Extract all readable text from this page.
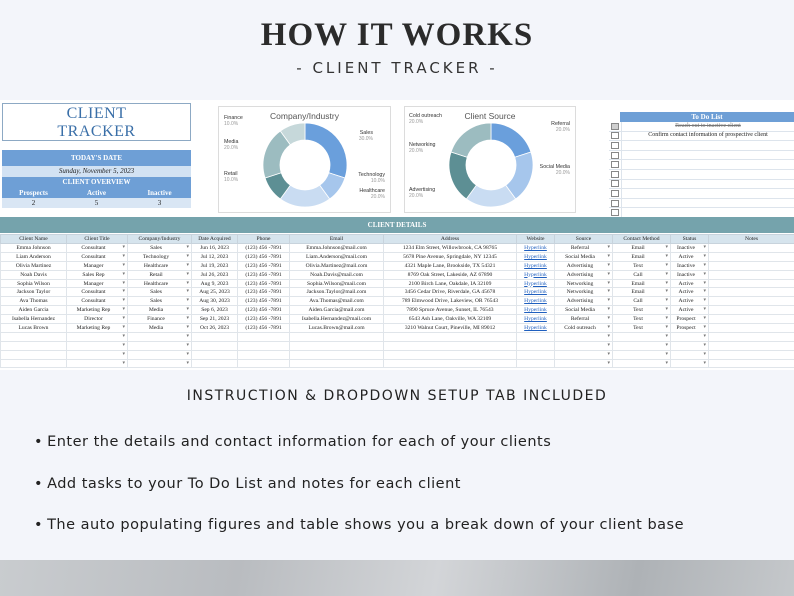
HOW IT WORKS
- CLIENT TRACKER -
CLIENT
TRACKER
TODAY'S DATE
Sunday, November 5, 2023
CLIENT OVERVIEW
Prospects	Active	Inactive
2	5	3
Company/Industry
Sales
30.0%
Technology
10.0%
Healthcare
20.0%
Retail
10.0%
Media
20.0%
Finance
10.0%
Client Source
Referral
20.0%
Social Media
20.0%
Advertising
20.0%
Networking
20.0%
Cold outreach
20.0%
To Do List
Reach out to inactive client
Confirm contact information of prospective client
CLIENT DETAILS
Client Name	Client Title	Company/Industry	Date Acquired	Phone	Email	Address	Website	Source	Contact Method	Status	Notes
Emma Johnson	Consultant ▾	Sales ▾	Jun 16, 2023	(123) 456 -7891	Emma.Johnson@mail.com	1234 Elm Street, Willowbrook, CA 98765	Hyperlink	Referral ▾	Email ▾	Inactive ▾	
Liam Anderson	Consultant ▾	Technology ▾	Jul 12, 2023	(123) 456 -7891	Liam.Anderson@mail.com	5678 Pine Avenue, Springdale, NY 12345	Hyperlink	Social Media ▾	Email ▾	Active ▾	
Olivia Martinez	Manager ▾	Healthcare ▾	Jul 19, 2023	(123) 456 -7891	Olivia.Martinez@mail.com	4321 Maple Lane, Brookside, TX 54321	Hyperlink	Advertising ▾	Text ▾	Inactive ▾	
Noah Davis	Sales Rep ▾	Retail ▾	Jul 26, 2023	(123) 456 -7891	Noah.Davis@mail.com	8769 Oak Street, Lakeside, AZ 67890	Hyperlink	Advertising ▾	Call ▾	Inactive ▾	
Sophia Wilson	Manager ▾	Healthcare ▾	Aug 9, 2023	(123) 456 -7891	Sophia.Wilson@mail.com	2100 Birch Lane, Oakdale, IA 32109	Hyperlink	Networking ▾	Email ▾	Active ▾	
Jackson Taylor	Consultant ▾	Sales ▾	Aug 25, 2023	(123) 456 -7891	Jackson.Taylor@mail.com	3456 Cedar Drive, Riverdale, GA 45678	Hyperlink	Networking ▾	Email ▾	Active ▾	
Ava Thomas	Consultant ▾	Sales ▾	Aug 30, 2023	(123) 456 -7891	Ava.Thomas@mail.com	789 Elmwood Drive, Lakeview, OR 76543	Hyperlink	Advertising ▾	Call ▾	Active ▾	
Aiden Garcia	Marketing Rep ▾	Media ▾	Sep 6, 2023	(123) 456 -7891	Aiden.Garcia@mail.com	7890 Spruce Avenue, Sunset, IL 76543	Hyperlink	Social Media ▾	Text ▾	Active ▾	
Isabella Hernandez	Director ▾	Finance ▾	Sep 21, 2023	(123) 456 -7891	Isabella.Hernandez@mail.com	6543 Ash Lane, Oakville, WA 32109	Hyperlink	Referral ▾	Text ▾	Prospect ▾	
Lucas Brown	Marketing Rep ▾	Media ▾	Oct 26, 2023	(123) 456 -7891	Lucas.Brown@mail.com	3210 Walnut Court, Pineville, MI 89012	Hyperlink	Cold outreach ▾	Text ▾	Prospect ▾	
	▾	▾						▾	▾	▾	
	▾	▾						▾	▾	▾	
	▾	▾						▾	▾	▾	
	▾	▾						▾	▾	▾	
INSTRUCTION & DROPDOWN SETUP TAB INCLUDED
• Enter the details and contact information for each of your clients
• Add tasks to your To Do List and notes for each client
• The auto populating figures and table shows you a break down of your client base
